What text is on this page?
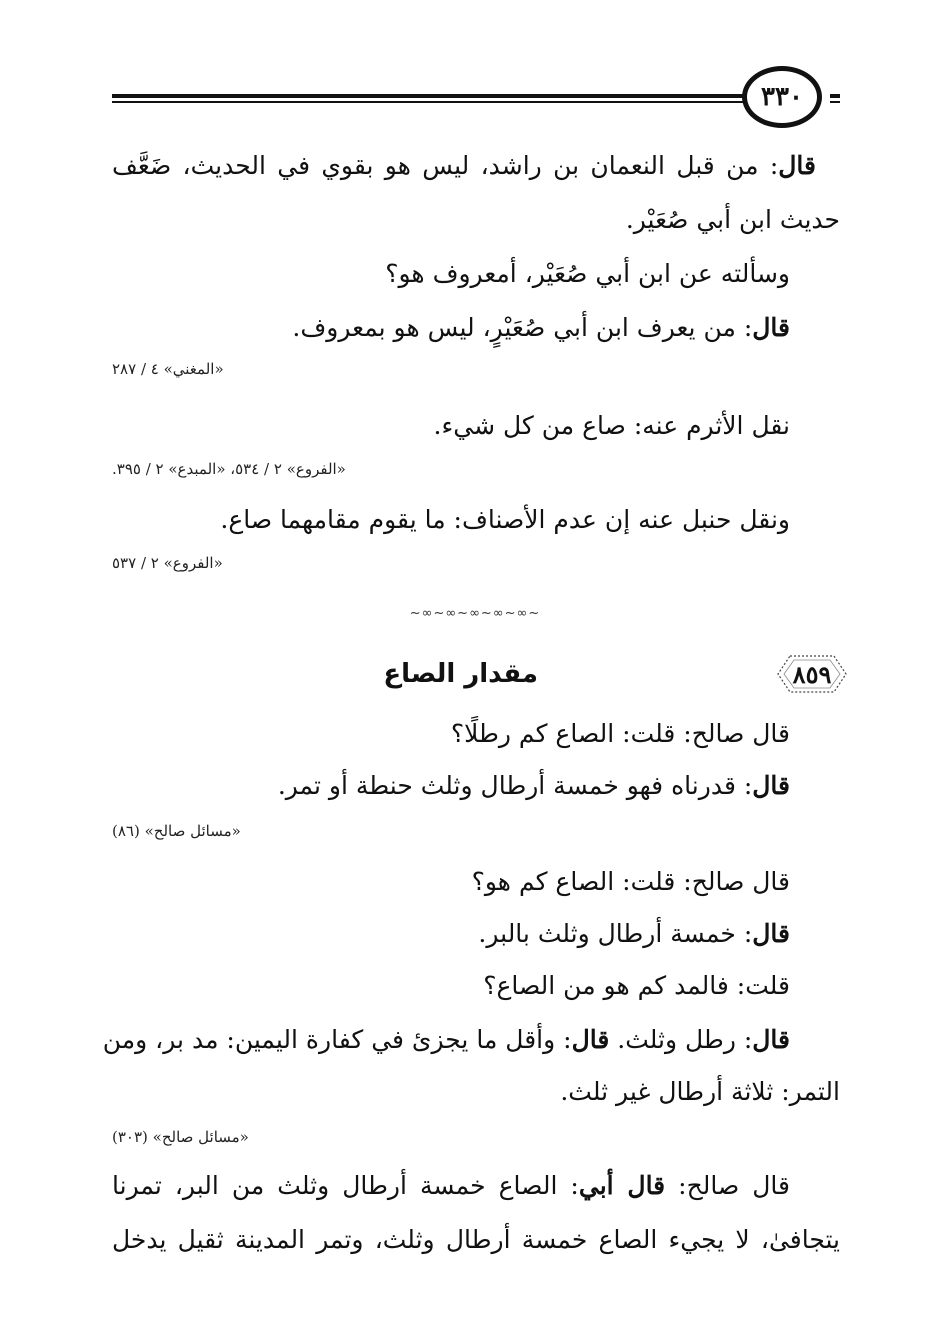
٣٣٠
قال: من قبل النعمان بن راشد، ليس هو بقوي في الحديث، ضَعَّف
حديث ابن أبي صُعَيْر.
وسألته عن ابن أبي صُعَيْر، أمعروف هو؟
قال: من يعرف ابن أبي صُعَيْرٍ، ليس هو بمعروف.
«المغني» ٤ / ٢٨٧
نقل الأثرم عنه: صاع من كل شيء.
«الفروع» ٢ / ٥٣٤، «المبدع» ٢ / ٣٩٥.
ونقل حنبل عنه إن عدم الأصناف: ما يقوم مقامهما صاع.
«الفروع» ٢ / ٥٣٧
~∞~∞~∞~∞~∞~
٨٥٩
مقدار الصاع
قال صالح: قلت: الصاع كم رطلًا؟
قال: قدرناه فهو خمسة أرطال وثلث حنطة أو تمر.
«مسائل صالح» (٨٦)
قال صالح: قلت: الصاع كم هو؟
قال: خمسة أرطال وثلث بالبر.
قلت: فالمد كم هو من الصاع؟
قال: رطل وثلث. قال: وأقل ما يجزئ في كفارة اليمين: مد بر، ومن
التمر: ثلاثة أرطال غير ثلث.
«مسائل صالح» (٣٠٣)
قال صالح: قال أبي: الصاع خمسة أرطال وثلث من البر، تمرنا
يتجافىٰ، لا يجيء الصاع خمسة أرطال وثلث، وتمر المدينة ثقيل يدخل
